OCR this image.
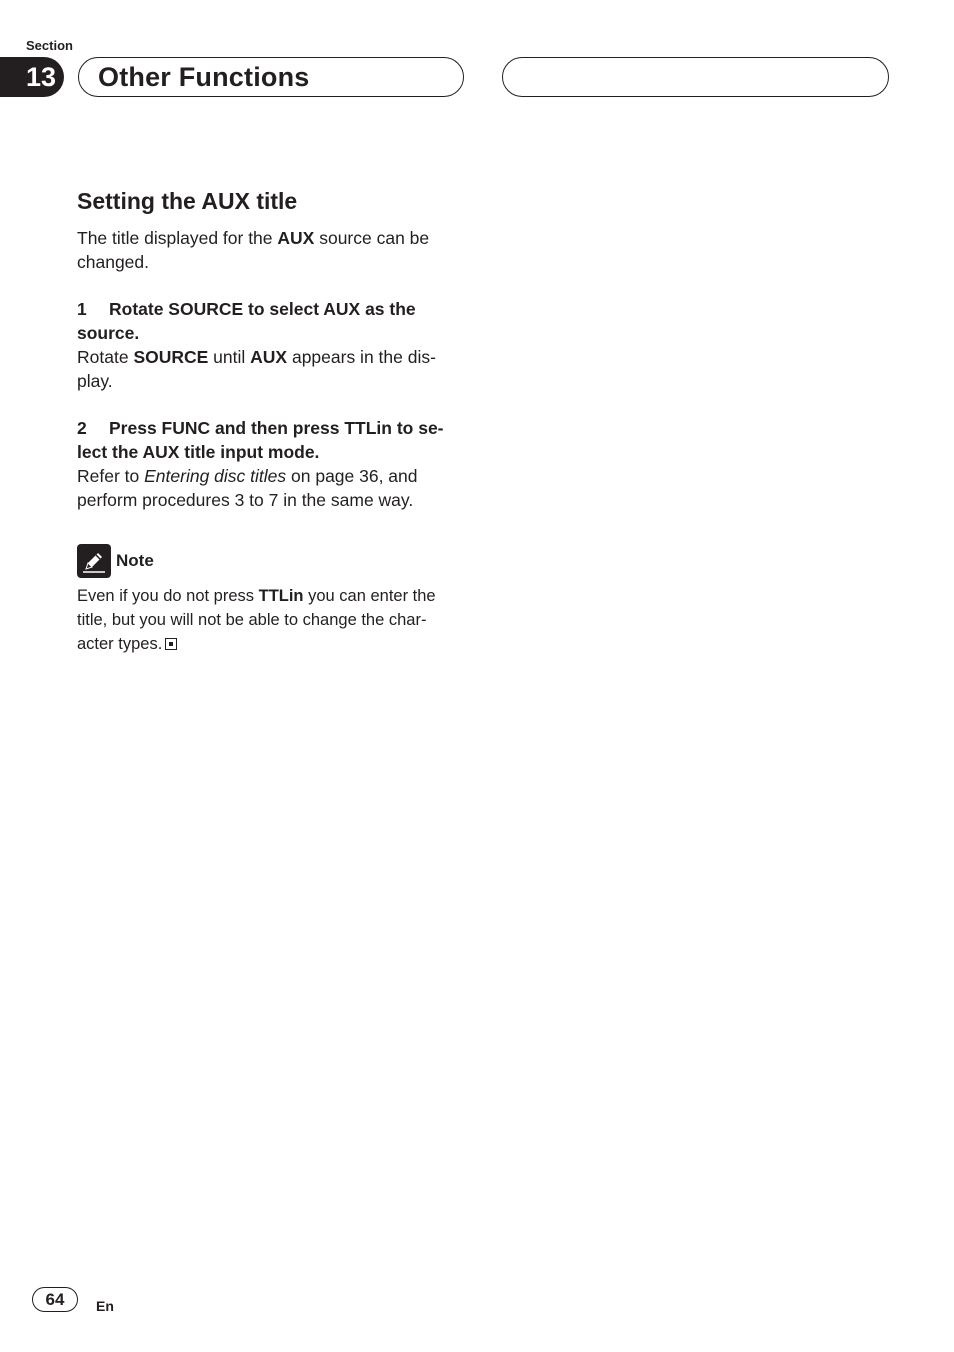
Section
13 Other Functions
Setting the AUX title

The title displayed for the AUX source can be changed.

1 Rotate SOURCE to select AUX as the source.

Rotate SOURCE until AUX appears in the dis-play.

2 Press FUNC and then press TTLin to se-lect the AUX title input mode.

Refer to Entering disc titles on page 36, and perform procedures 3 to 7 in the same way.

Note

Even if you do not press TTLin you can enter the title, but you will not be able to change the char-acter types.

64	En
